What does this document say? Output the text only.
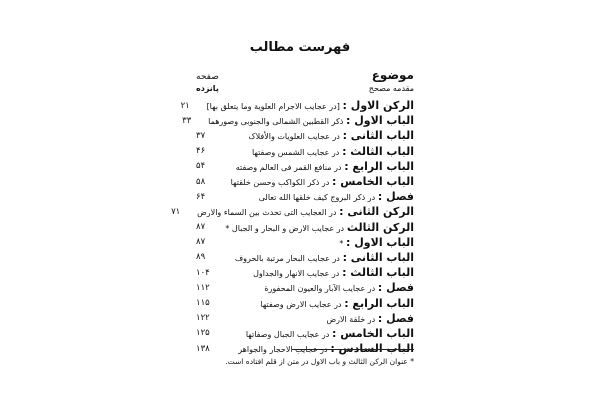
فهرست مطالب
موضوع
صفحه
مقدمه مصحح
پانزده
الرکن الاول : [در عجایب الاجرام العلویة وما یتعلق بها]
۲۱
الباب الاول : ذکر القطبین الشمالی والجنوبی وصورهما
۳۳
الباب الثانی : در عجایب العلویات والأفلاک
۳۷
الباب الثالث : در عجایب الشمس وصفتها
۴۶
الباب الرابع : در منافع القمر فی العالم وصفته
۵۴
الباب الخامس : در ذکر الکواکب وحسن خلقتها
۵۸
فصل : در ذکر البروج کیف خلقها الله تعالی
۶۴
الرکن الثانی : در العجایب التی تحدث بین السماء والارض
۷۱
الرکن الثالث در عجایب الارض و البحار و الجبال *
۸۷
الباب الاول : *
۸۷
الباب الثانی : در عجایب البحار مرتبة بالحروف
۸۹
الباب الثالث : در عجایب الانهار والجداول
۱۰۴
فصل : در عجایب الآبار والعیون المحفورة
۱۱۲
الباب الرابع : در عجایب الارض وصفتها
۱۱۵
فصل : در خلقة الارض
۱۲۲
الباب الخامس : در عجایب الجبال وصفاتها
۱۲۵
الباب السادس : در عجایب الاحجار والجواهر
۱۳۸
* عنوان الرکن الثالث و باب الاول در متن از قلم افتاده است.
